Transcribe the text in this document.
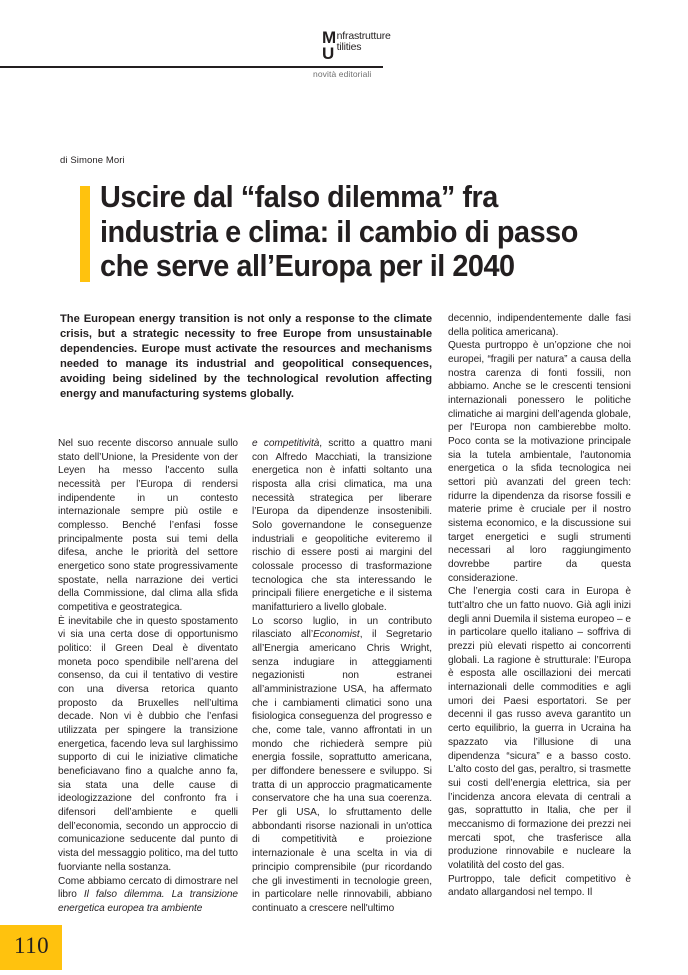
M
U
nfrastrutture
tilities
novità editoriali
di Simone Mori
Uscire dal “falso dilemma” fra industria e clima: il cambio di passo che serve all’Europa per il 2040
The European energy transition is not only a response to the climate crisis, but a strategic necessity to free Europe from unsustainable dependencies. Europe must activate the resources and mechanisms needed to manage its industrial and geopolitical consequences, avoiding being sidelined by the technological revolution affecting energy and manufacturing systems globally.

Nel suo recente discorso annuale sullo stato dell’Unione, la Presidente von der Leyen ha messo l'accento sulla necessità per l’Europa di rendersi indipendente in un contesto internazionale sempre più ostile e complesso. Benché l’enfasi fosse principalmente posta sui temi della difesa, anche le priorità del settore energetico sono state progressivamente spostate, nella narrazione dei vertici della Commissione, dal clima alla sfida competitiva e geostrategica.

È inevitabile che in questo spostamento vi sia una certa dose di opportunismo politico: il Green Deal è diventato moneta poco spendibile nell’arena del consenso, da cui il tentativo di vestire con una diversa retorica quanto proposto da Bruxelles nell’ultima decade. Non vi è dubbio che l’enfasi utilizzata per spingere la transizione energetica, facendo leva sul larghissimo supporto di cui le iniziative climatiche beneficiavano fino a qualche anno fa, sia stata una delle cause di ideologizzazione del confronto fra i difensori dell’ambiente e quelli dell’economia, secondo un approccio di comunicazione seducente dal punto di vista del messaggio politico, ma del tutto fuorviante nella sostanza.

Come abbiamo cercato di dimostrare nel libro Il falso dilemma. La transizione energetica europea tra ambiente

e competitività, scritto a quattro mani con Alfredo Macchiati, la transizione energetica non è infatti soltanto una risposta alla crisi climatica, ma una necessità strategica per liberare l’Europa da dipendenze insostenibili. Solo governandone le conseguenze industriali e geopolitiche eviteremo il rischio di essere posti ai margini del colossale processo di trasformazione tecnologica che sta interessando le principali filiere energetiche e il sistema manifatturiero a livello globale.

Lo scorso luglio, in un contributo rilasciato all’Economist, il Segretario all’Energia americano Chris Wright, senza indugiare in atteggiamenti negazionisti non estranei all’amministrazione USA, ha affermato che i cambiamenti climatici sono una fisiologica conseguenza del progresso e che, come tale, vanno affrontati in un mondo che richiederà sempre più energia fossile, soprattutto americana, per diffondere benessere e sviluppo. Si tratta di un approccio pragmaticamente conservatore che ha una sua coerenza. Per gli USA, lo sfruttamento delle abbondanti risorse nazionali in un'ottica di competitività e proiezione internazionale è una scelta in via di principio comprensibile (pur ricordando che gli investimenti in tecnologie green, in particolare nelle rinnovabili, abbiano continuato a crescere nell'ultimo

decennio, indipendentemente dalle fasi della politica americana).

Questa purtroppo è un’opzione che noi europei, “fragili per natura” a causa della nostra carenza di fonti fossili, non abbiamo. Anche se le crescenti tensioni internazionali ponessero le politiche climatiche ai margini dell’agenda globale, per l'Europa non cambierebbe molto. Poco conta se la motivazione principale sia la tutela ambientale, l'autonomia energetica o la sfida tecnologica nei settori più avanzati del green tech: ridurre la dipendenza da risorse fossili e materie prime è cruciale per il nostro sistema economico, e la discussione sui target energetici e sugli strumenti necessari al loro raggiungimento dovrebbe partire da questa considerazione.

Che l’energia costi cara in Europa è tutt’altro che un fatto nuovo. Già agli inizi degli anni Duemila il sistema europeo – e in particolare quello italiano – soffriva di prezzi più elevati rispetto ai concorrenti globali. La ragione è strutturale: l’Europa è esposta alle oscillazioni dei mercati internazionali delle commodities e agli umori dei Paesi esportatori. Se per decenni il gas russo aveva garantito un certo equilibrio, la guerra in Ucraina ha spazzato via l’illusione di una dipendenza “sicura” e a basso costo. L'alto costo del gas, peraltro, si trasmette sui costi dell’energia elettrica, sia per l’incidenza ancora elevata di centrali a gas, soprattutto in Italia, che per il meccanismo di formazione dei prezzi nei mercati spot, che trasferisce alla produzione rinnovabile e nucleare la volatilità del costo del gas.

Purtroppo, tale deficit competitivo è andato allargandosi nel tempo. Il

110
